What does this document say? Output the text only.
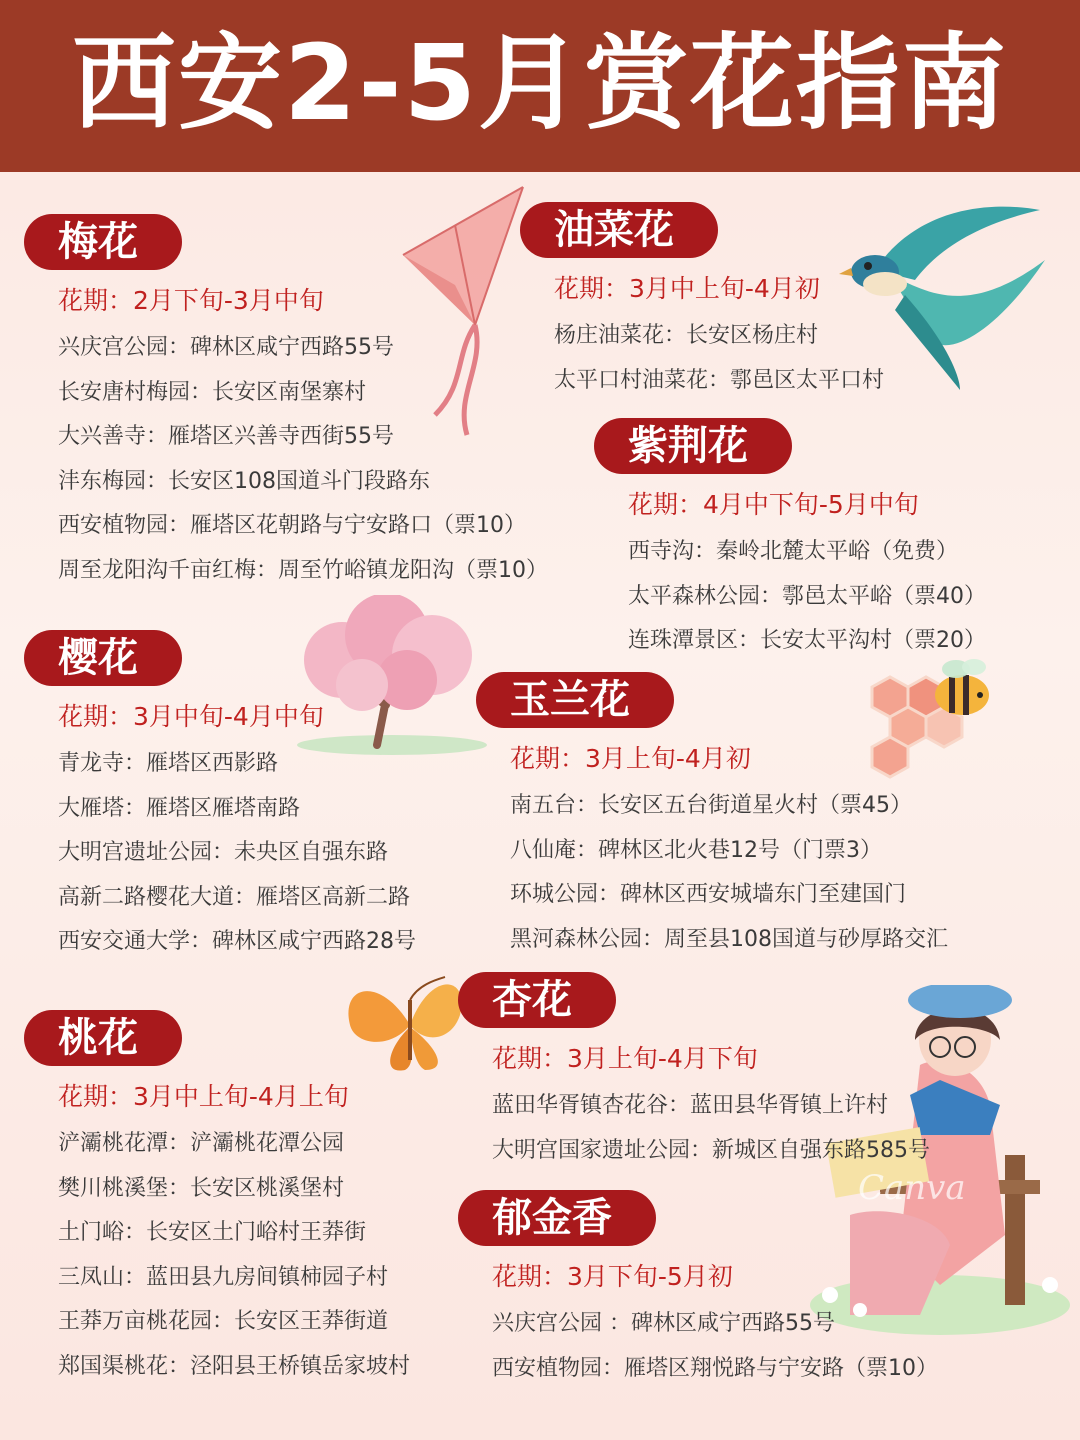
西安2-5月赏花指南
梅花
花期：2月下旬-3月中旬
兴庆宫公园：碑林区咸宁西路55号
长安唐村梅园：长安区南堡寨村
大兴善寺：雁塔区兴善寺西街55号
沣东梅园：长安区108国道斗门段路东
西安植物园：雁塔区花朝路与宁安路口（票10）
周至龙阳沟千亩红梅：周至竹峪镇龙阳沟（票10）
油菜花
花期：3月中上旬-4月初
杨庄油菜花：长安区杨庄村
太平口村油菜花：鄠邑区太平口村
紫荆花
花期：4月中下旬-5月中旬
西寺沟：秦岭北麓太平峪（免费）
太平森林公园：鄠邑太平峪（票40）
连珠潭景区：长安太平沟村（票20）
樱花
花期：3月中旬-4月中旬
青龙寺：雁塔区西影路
大雁塔：雁塔区雁塔南路
大明宫遗址公园：未央区自强东路
高新二路樱花大道：雁塔区高新二路
西安交通大学：碑林区咸宁西路28号
玉兰花
花期：3月上旬-4月初
南五台：长安区五台街道星火村（票45）
八仙庵：碑林区北火巷12号（门票3）
环城公园：碑林区西安城墙东门至建国门
黑河森林公园：周至县108国道与砂厚路交汇
桃花
花期：3月中上旬-4月上旬
浐灞桃花潭：浐灞桃花潭公园
樊川桃溪堡：长安区桃溪堡村
土门峪：长安区土门峪村王莽街
三凤山：蓝田县九房间镇柿园子村
王莽万亩桃花园：长安区王莽街道
郑国渠桃花：泾阳县王桥镇岳家坡村
杏花
花期：3月上旬-4月下旬
蓝田华胥镇杏花谷：蓝田县华胥镇上许村
大明宫国家遗址公园：新城区自强东路585号
郁金香
花期：3月下旬-5月初
兴庆宫公园 ：碑林区咸宁西路55号
西安植物园：雁塔区翔悦路与宁安路（票10）
Canva
